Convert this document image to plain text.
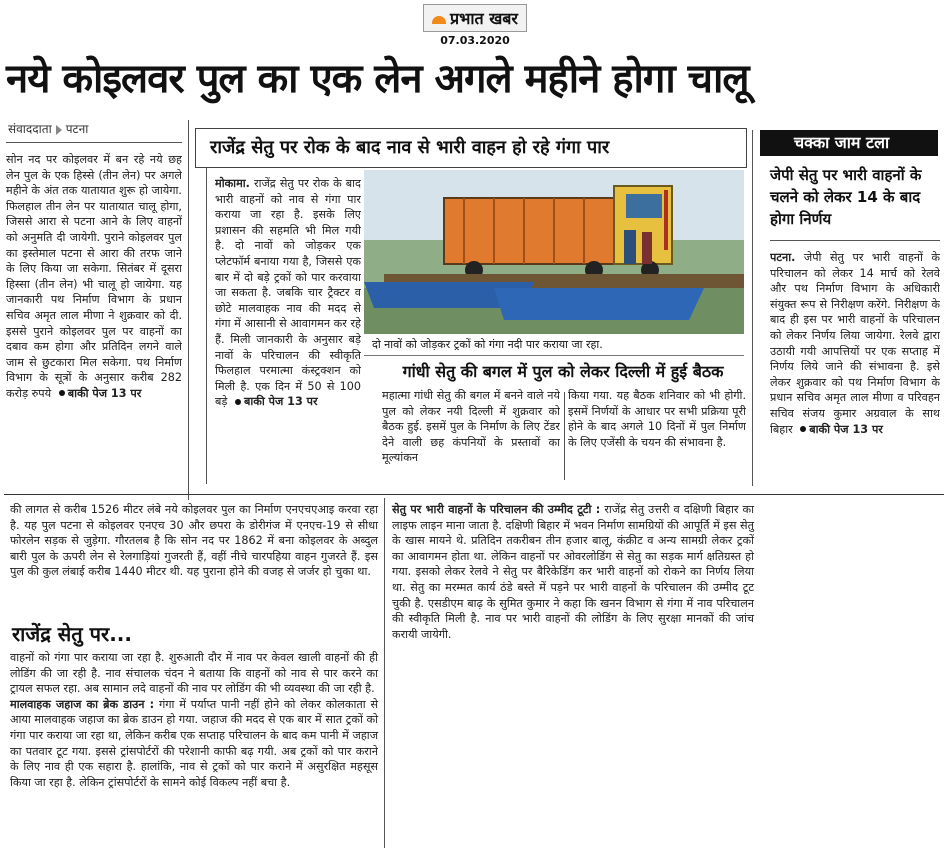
प्रभात खबर
07.03.2020
नये कोइलवर पुल का एक लेन अगले महीने होगा चालू
संवाददाता पटना
सोन नद पर कोइलवर में बन रहे नये छह लेन पुल के एक हिस्से (तीन लेन) पर अगले महीने के अंत तक यातायात शुरू हो जायेगा. फिलहाल तीन लेन पर यातायात चालू होगा, जिससे आरा से पटना आने के लिए वाहनों को अनुमति दी जायेगी. पुराने कोइलवर पुल का इस्तेमाल पटना से आरा की तरफ जाने के लिए किया जा सकेगा. सितंबर में दूसरा हिस्सा (तीन लेन) भी चालू हो जायेगा. यह जानकारी पथ निर्माण विभाग के प्रधान सचिव अमृत लाल मीणा ने शुक्रवार को दी. इससे पुराने कोइलवर पुल पर वाहनों का दबाव कम होगा और प्रतिदिन लगने वाले जाम से छुटकारा मिल सकेगा. पथ निर्माण विभाग के सूत्रों के अनुसार करीब 282 करोड़ रुपये बाकी पेज 13 पर
राजेंद्र सेतु पर रोक के बाद नाव से भारी वाहन हो रहे गंगा पार
मोकामा. राजेंद्र सेतु पर रोक के बाद भारी वाहनों को नाव से गंगा पार कराया जा रहा है. इसके लिए प्रशासन की सहमति भी मिल गयी है. दो नावों को जोड़कर एक प्लेटफॉर्म बनाया गया है, जिससे एक बार में दो बड़े ट्रकों को पार करवाया जा सकता है. जबकि चार ट्रैक्टर व छोटे मालवाहक नाव की मदद से गंगा में आसानी से आवागमन कर रहे हैं. मिली जानकारी के अनुसार बड़े नावों के परिचालन की स्वीकृति फिलहाल परमात्मा कंस्ट्रक्शन को मिली है. एक दिन में 50 से 100 बड़े बाकी पेज 13 पर
दो नावों को जोड़कर ट्रकों को गंगा नदी पार कराया जा रहा.
गांधी सेतु की बगल में पुल को लेकर दिल्ली में हुई बैठक
महात्मा गांधी सेतु की बगल में बनने वाले नये पुल को लेकर नयी दिल्ली में शुक्रवार को बैठक हुई. इसमें पुल के निर्माण के लिए टेंडर देने वाली छह कंपनियों के प्रस्तावों का मूल्यांकन
किया गया. यह बैठक शनिवार को भी होगी. इसमें निर्णयों के आधार पर सभी प्रक्रिया पूरी होने के बाद अगले 10 दिनों में पुल निर्माण के लिए एजेंसी के चयन की संभावना है.
चक्का जाम टला
जेपी सेतु पर भारी वाहनों के चलने को लेकर 14 के बाद होगा निर्णय
पटना. जेपी सेतु पर भारी वाहनों के परिचालन को लेकर 14 मार्च को रेलवे और पथ निर्माण विभाग के अधिकारी संयुक्त रूप से निरीक्षण करेंगे. निरीक्षण के बाद ही इस पर भारी वाहनों के परिचालन को लेकर निर्णय लिया जायेगा. रेलवे द्वारा उठायी गयी आपत्तियों पर एक सप्ताह में निर्णय लिये जाने की संभावना है. इसे लेकर शुक्रवार को पथ निर्माण विभाग के प्रधान सचिव अमृत लाल मीणा व परिवहन सचिव संजय कुमार अग्रवाल के साथ बिहार बाकी पेज 13 पर
की लागत से करीब 1526 मीटर लंबे नये कोइलवर पुल का निर्माण एनएचएआइ करवा रहा है. यह पुल पटना से कोइलवर एनएच 30 और छपरा के डोरीगंज में एनएच-19 से सीधा फोरलेन सड़क से जुड़ेगा. गौरतलब है कि सोन नद पर 1862 में बना कोइलवर के अब्दुल बारी पुल के ऊपरी लेन से रेलगाड़ियां गुजरती हैं, वहीं नीचे चारपहिया वाहन गुजरते हैं. इस पुल की कुल लंबाई करीब 1440 मीटर थी. यह पुराना होने की वजह से जर्जर हो चुका था.
राजेंद्र सेतु पर...

वाहनों को गंगा पार कराया जा रहा है. शुरुआती दौर में नाव पर केवल खाली वाहनों की ही लोडिंग की जा रही है. नाव संचालक चंदन ने बताया कि वाहनों को नाव से पार करने का ट्रायल सफल रहा. अब सामान लदे वाहनों की नाव पर लोडिंग की भी व्यवस्था की जा रही है.

मालवाहक जहाज का ब्रेक डाउन : गंगा में पर्याप्त पानी नहीं होने को लेकर कोलकाता से आया मालवाहक जहाज का ब्रेक डाउन हो गया. जहाज की मदद से एक बार में सात ट्रकों को गंगा पार कराया जा रहा था, लेकिन करीब एक सप्ताह परिचालन के बाद कम पानी में जहाज का पतवार टूट गया. इससे ट्रांसपोर्टरों की परेशानी काफी बढ़ गयी. अब ट्रकों को पार कराने के लिए नाव ही एक सहारा है. हालांकि, नाव से ट्रकों को पार कराने में असुरक्षित महसूस किया जा रहा है. लेकिन ट्रांसपोर्टरों के सामने कोई विकल्प नहीं बचा है.

सेतु पर भारी वाहनों के परिचालन की उम्मीद टूटी : राजेंद्र सेतु उत्तरी व दक्षिणी बिहार का लाइफ लाइन माना जाता है. दक्षिणी बिहार में भवन निर्माण सामग्रियों की आपूर्ति में इस सेतु के खास मायने थे. प्रतिदिन तकरीबन तीन हजार बालू, कंक्रीट व अन्य सामग्री लेकर ट्रकों का आवागमन होता था. लेकिन वाहनों पर ओवरलोडिंग से सेतु का सड़क मार्ग क्षतिग्रस्त हो गया. इसको लेकर रेलवे ने सेतु पर बैरिकेडिंग कर भारी वाहनों को रोकने का निर्णय लिया था. सेतु का मरम्मत कार्य ठंडे बस्ते में पड़ने पर भारी वाहनों के परिचालन की उम्मीद टूट चुकी है. एसडीएम बाढ़ के सुमित कुमार ने कहा कि खनन विभाग से गंगा में नाव परिचालन की स्वीकृति मिली है. नाव पर भारी वाहनों की लोडिंग के लिए सुरक्षा मानकों की जांच करायी जायेगी.
